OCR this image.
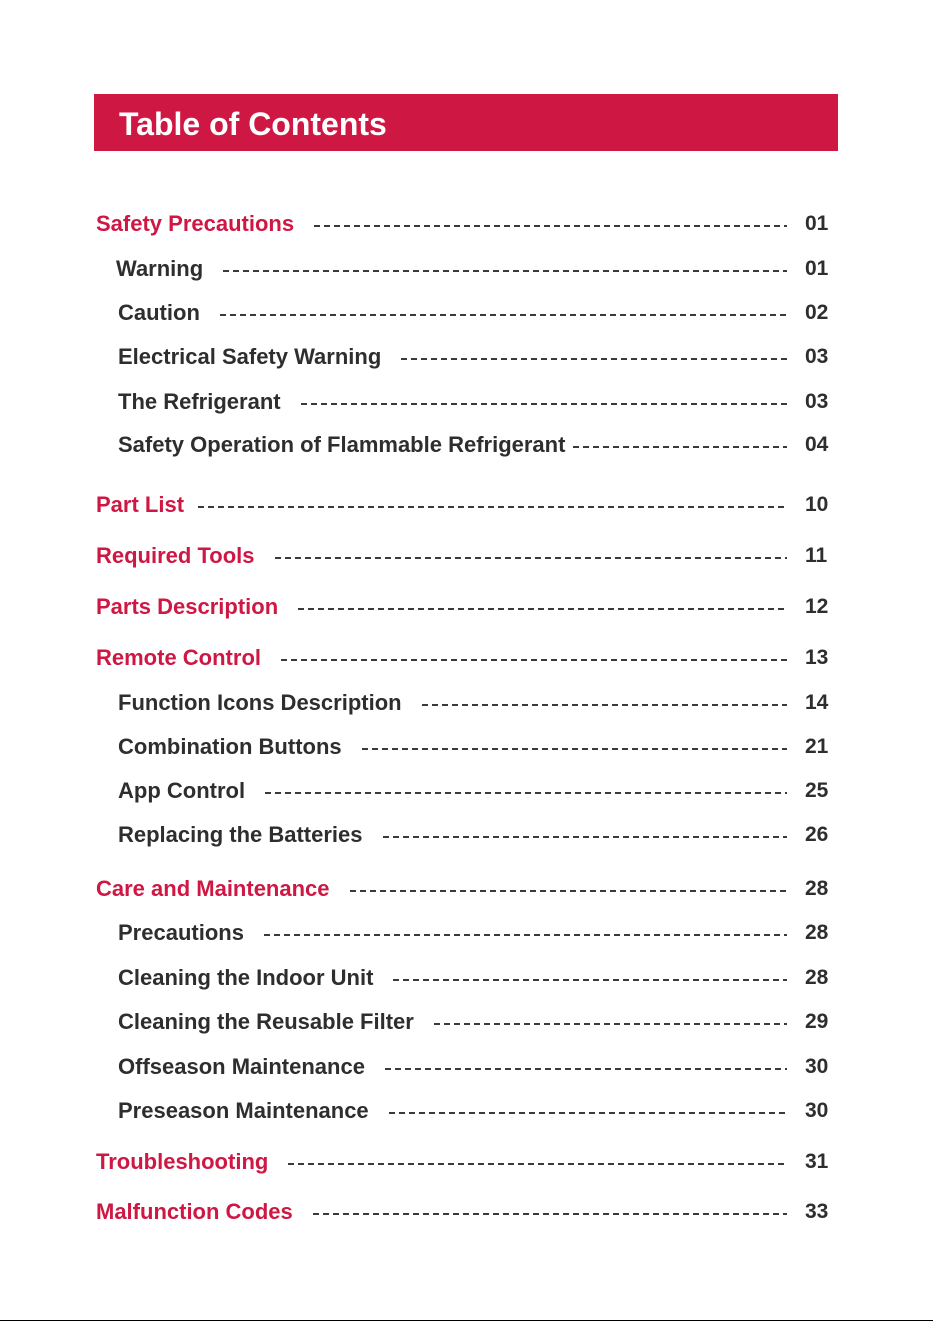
Table of Contents
Safety Precautions	01
Warning	01
Caution	02
Electrical Safety Warning	03
The Refrigerant	03
Safety Operation of Flammable Refrigerant	04
Part List	10
Required Tools	11
Parts Description	12
Remote Control	13
Function Icons Description	14
Combination Buttons	21
App Control	25
Replacing the Batteries	26
Care and Maintenance	28
Precautions	28
Cleaning the Indoor Unit	28
Cleaning the Reusable Filter	29
Offseason Maintenance	30
Preseason Maintenance	30
Troubleshooting	31
Malfunction Codes	33
